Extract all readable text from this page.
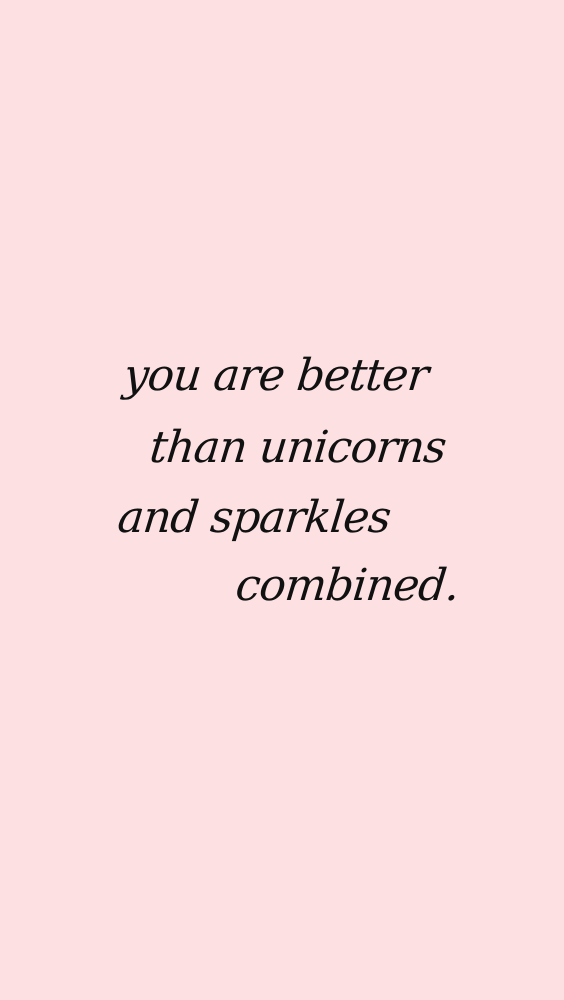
you are better
than unicorns
and sparkles
combined.
